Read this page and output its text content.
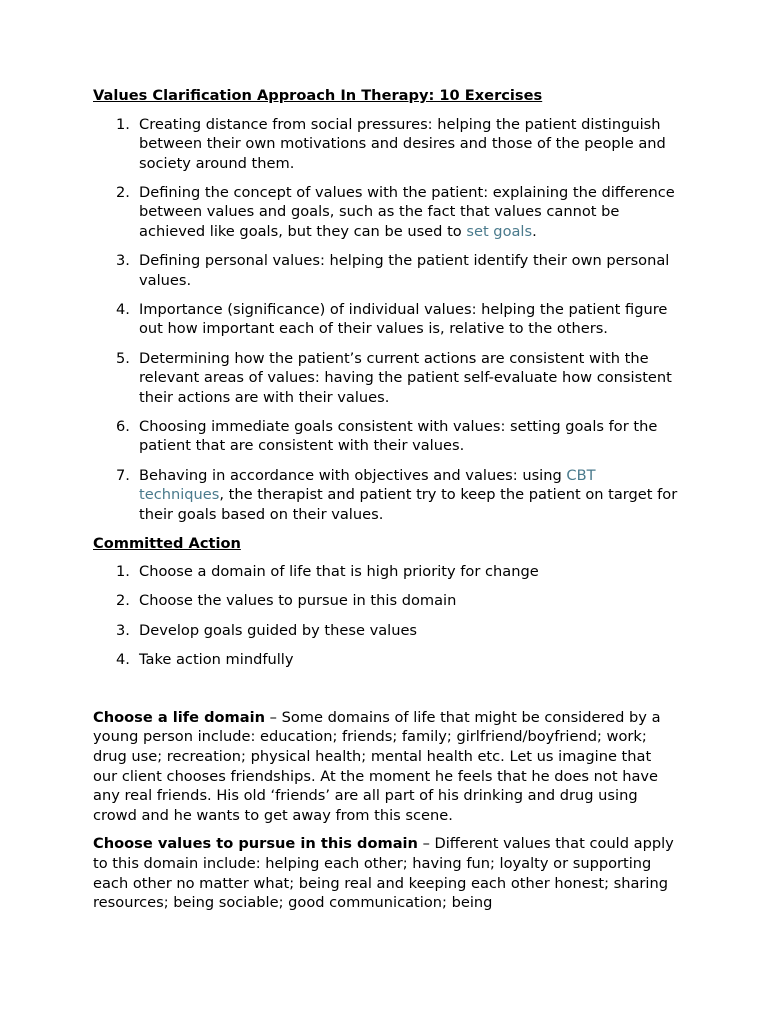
Values Clarification Approach In Therapy: 10 Exercises
1. Creating distance from social pressures: helping the patient distinguish between their own motivations and desires and those of the people and society around them.
2. Defining the concept of values with the patient: explaining the difference between values and goals, such as the fact that values cannot be achieved like goals, but they can be used to set goals.
3. Defining personal values: helping the patient identify their own personal values.
4. Importance (significance) of individual values: helping the patient figure out how important each of their values is, relative to the others.
5. Determining how the patient’s current actions are consistent with the relevant areas of values: having the patient self-evaluate how consistent their actions are with their values.
6. Choosing immediate goals consistent with values: setting goals for the patient that are consistent with their values.
7. Behaving in accordance with objectives and values: using CBT techniques, the therapist and patient try to keep the patient on target for their goals based on their values.
Committed Action
1. Choose a domain of life that is high priority for change
2. Choose the values to pursue in this domain
3. Develop goals guided by these values
4. Take action mindfully

Choose a life domain – Some domains of life that might be considered by a young person include: education; friends; family; girlfriend/boyfriend; work; drug use; recreation; physical health; mental health etc. Let us imagine that our client chooses friendships. At the moment he feels that he does not have any real friends. His old ‘friends’ are all part of his drinking and drug using crowd and he wants to get away from this scene.

Choose values to pursue in this domain – Different values that could apply to this domain include: helping each other; having fun; loyalty or supporting each other no matter what; being real and keeping each other honest; sharing resources; being sociable; good communication; being
